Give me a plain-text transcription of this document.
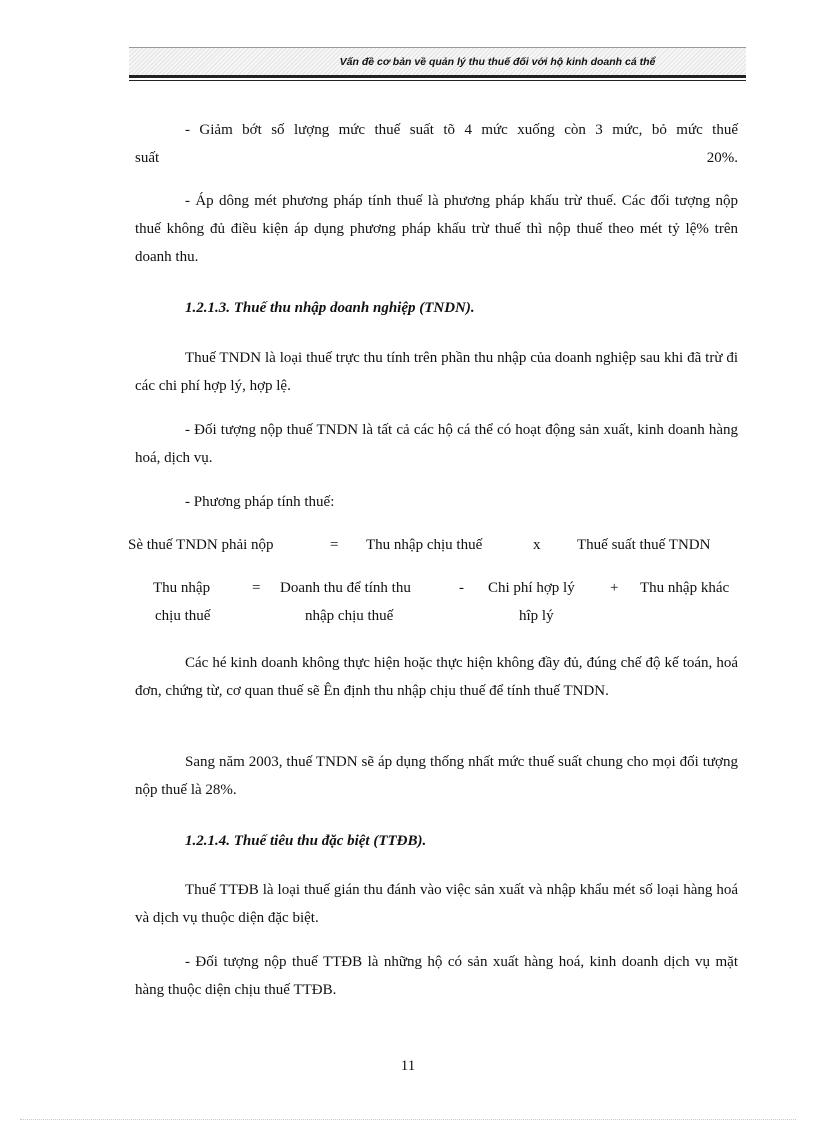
Vấn đề cơ bản về quản lý thu thuế đối với hộ kinh doanh cá thể
- Giảm bớt số lượng mức thuế suất tõ 4 mức xuống còn 3 mức, bỏ mức thuế
suất 20%.
- Áp dông mét phương pháp tính thuế là phương pháp khấu trừ thuế. Các đối tượng nộp thuế không đủ điều kiện áp dụng phương pháp khấu trừ thuế thì nộp thuế theo mét tỷ lệ% trên doanh thu.
1.2.1.3. Thuế thu nhập doanh nghiệp (TNDN).
Thuế TNDN là loại thuế trực thu tính trên phần thu nhập của doanh nghiệp sau khi đã trừ đi các chi phí hợp lý, hợp lệ.
- Đối tượng nộp thuế TNDN là tất cả các hộ cá thể có hoạt động sản xuất, kinh doanh hàng hoá, dịch vụ.
- Phương pháp tính thuế:
Sè thuế TNDN phải nộp	= Thu nhập chịu thuế	x Thuế suất thuế TNDN
Thu nhập
chịu thuế
= Doanh thu để tính thu
nhập chịu thuế
- Chi phí hợp lý
hîp lý
+ Thu nhập khác
Các hé kinh doanh không thực hiện hoặc thực hiện không đầy đủ, đúng chế độ kế toán, hoá đơn, chứng từ, cơ quan thuế sẽ Ên định thu nhập chịu thuế để tính thuế TNDN.
Sang năm 2003, thuế TNDN sẽ áp dụng thống nhất mức thuế suất chung cho mọi đối tượng nộp thuế là 28%.
1.2.1.4. Thuế tiêu thu đặc biệt (TTĐB).
Thuế TTĐB là loại thuế gián thu đánh vào việc sản xuất và nhập khẩu mét số loại hàng hoá và dịch vụ thuộc diện đặc biệt.
- Đối tượng nộp thuế TTĐB là những hộ có sản xuất hàng hoá, kinh doanh dịch vụ mặt hàng thuộc diện chịu thuế TTĐB.
11
